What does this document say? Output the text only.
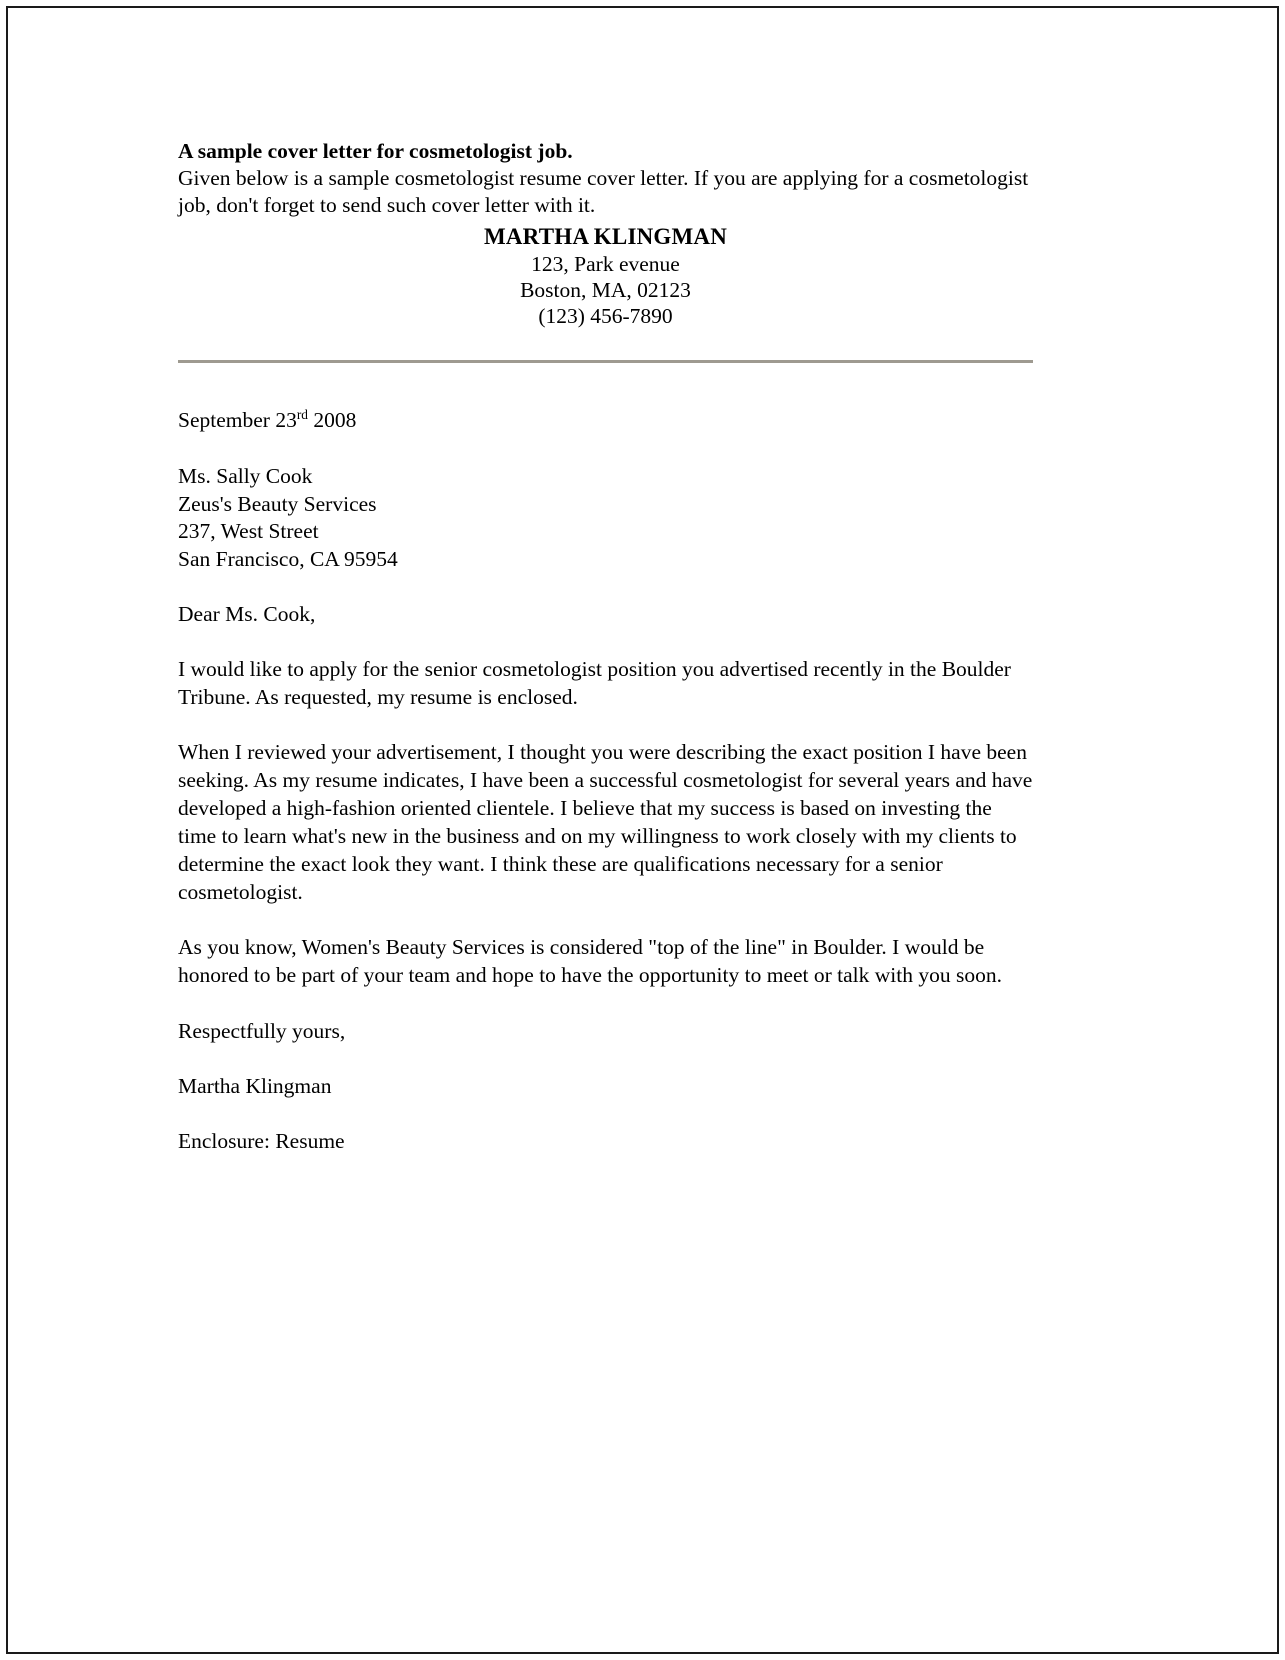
A sample cover letter for cosmetologist job.
Given below is a sample cosmetologist resume cover letter. If you are applying for a cosmetologist job, don't forget to send such cover letter with it.
MARTHA KLINGMAN
123, Park evenue
Boston, MA, 02123
(123) 456-7890
September 23rd 2008
Ms. Sally Cook
Zeus's Beauty Services
237, West Street
San Francisco, CA 95954
Dear Ms. Cook,
I would like to apply for the senior cosmetologist position you advertised recently in the Boulder Tribune. As requested, my resume is enclosed.
When I reviewed your advertisement, I thought you were describing the exact position I have been seeking. As my resume indicates, I have been a successful cosmetologist for several years and have developed a high-fashion oriented clientele. I believe that my success is based on investing the time to learn what's new in the business and on my willingness to work closely with my clients to determine the exact look they want. I think these are qualifications necessary for a senior cosmetologist.
As you know, Women's Beauty Services is considered "top of the line" in Boulder. I would be honored to be part of your team and hope to have the opportunity to meet or talk with you soon.
Respectfully yours,
Martha Klingman
Enclosure: Resume
